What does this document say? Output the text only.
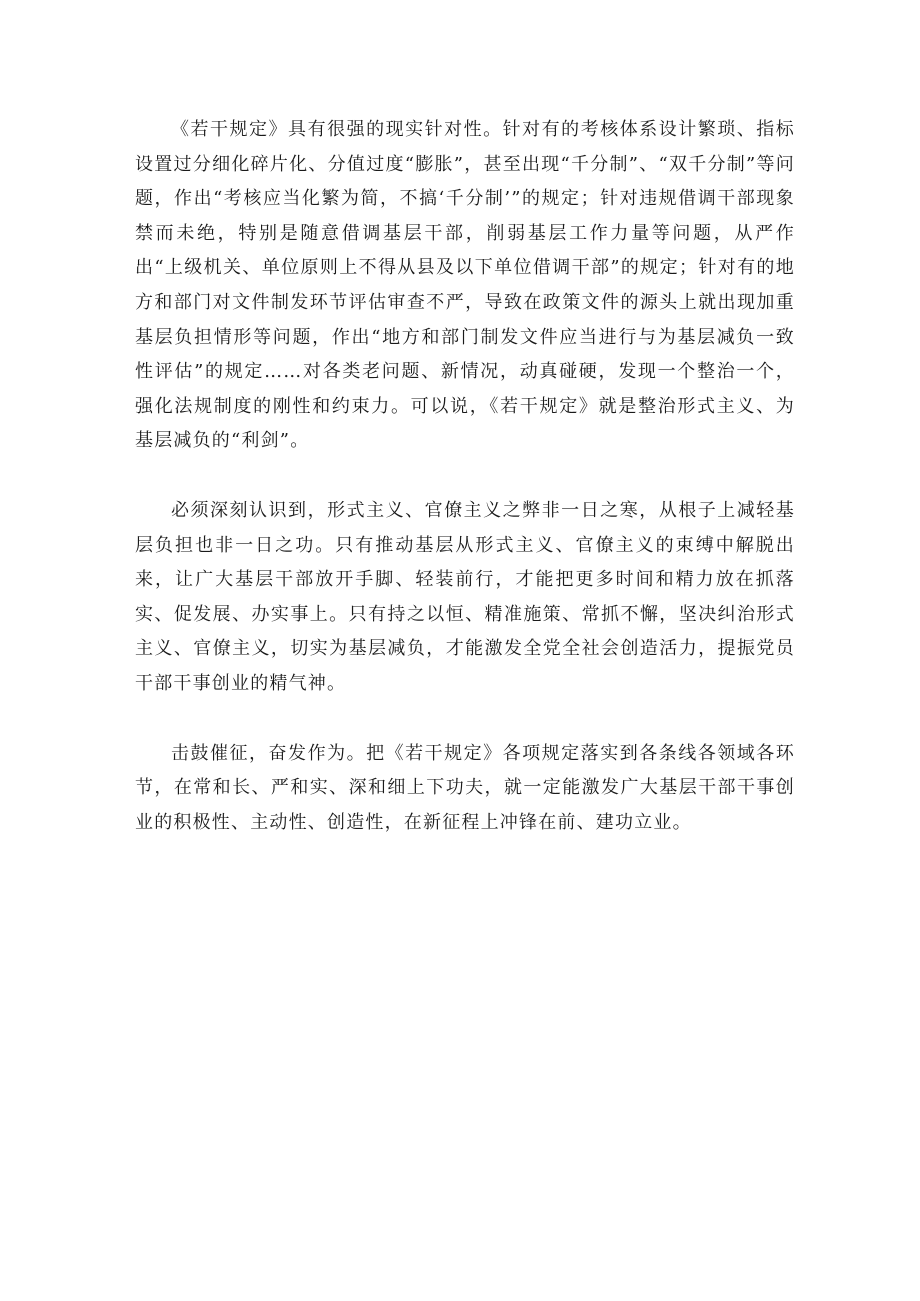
《若干规定》具有很强的现实针对性。针对有的考核体系设计繁琐、指标设置过分细化碎片化、分值过度“膨胀”，甚至出现“千分制”、“双千分制”等问题，作出“考核应当化繁为简，不搞‘千分制’”的规定；针对违规借调干部现象禁而未绝，特别是随意借调基层干部，削弱基层工作力量等问题，从严作出“上级机关、单位原则上不得从县及以下单位借调干部”的规定；针对有的地方和部门对文件制发环节评估审查不严，导致在政策文件的源头上就出现加重基层负担情形等问题，作出“地方和部门制发文件应当进行与为基层减负一致性评估”的规定……对各类老问题、新情况，动真碰硬，发现一个整治一个，强化法规制度的刚性和约束力。可以说，《若干规定》就是整治形式主义、为基层减负的“利剑”。

必须深刻认识到，形式主义、官僚主义之弊非一日之寒，从根子上减轻基层负担也非一日之功。只有推动基层从形式主义、官僚主义的束缚中解脱出来，让广大基层干部放开手脚、轻装前行，才能把更多时间和精力放在抓落实、促发展、办实事上。只有持之以恒、精准施策、常抓不懈，坚决纠治形式主义、官僚主义，切实为基层减负，才能激发全党全社会创造活力，提振党员干部干事创业的精气神。

击鼓催征，奋发作为。把《若干规定》各项规定落实到各条线各领域各环节，在常和长、严和实、深和细上下功夫，就一定能激发广大基层干部干事创业的积极性、主动性、创造性，在新征程上冲锋在前、建功立业。
